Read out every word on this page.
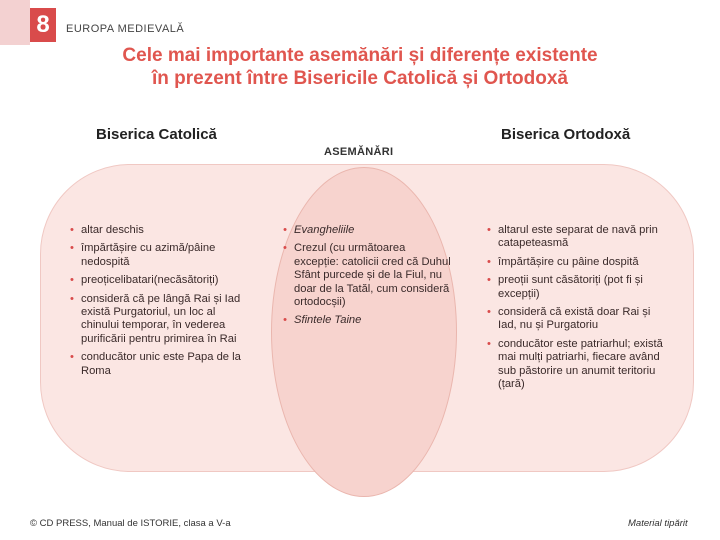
8 EUROPA MEDIEVALĂ
Cele mai importante asemănări și diferențe existente
în prezent între Bisericile Catolică și Ortodoxă
Biserica Catolică	Biserica Ortodoxă
ASEMĂNĂRI
• altar deschis
• împărtășire cu azimă/pâine nedospită
• preoțicelibatari(necăsătoriți)
• consideră că pe lângă Rai și Iad există Purgatoriul, un loc al chinului temporar, în vederea purificării pentru primirea în Rai
• conducător unic este Papa de la Roma
• Evangheliile
• Crezul (cu următoarea excepție: catolicii cred că Duhul Sfânt purcede și de la Fiul, nu doar de la Tatăl, cum consideră ortodocșii)
• Sfintele Taine
• altarul este separat de navă prin catapeteasmă
• împărtășire cu pâine dospită
• preoții sunt căsătoriți (pot fi și excepții)
• consideră că există doar Rai și Iad, nu și Purgatoriu
• conducător este patriarhul; există mai mulți patriarhi, fiecare având sub păstorire un anumit teritoriu (țară)
© CD PRESS, Manual de ISTORIE, clasa a V-a	Material tipărit
